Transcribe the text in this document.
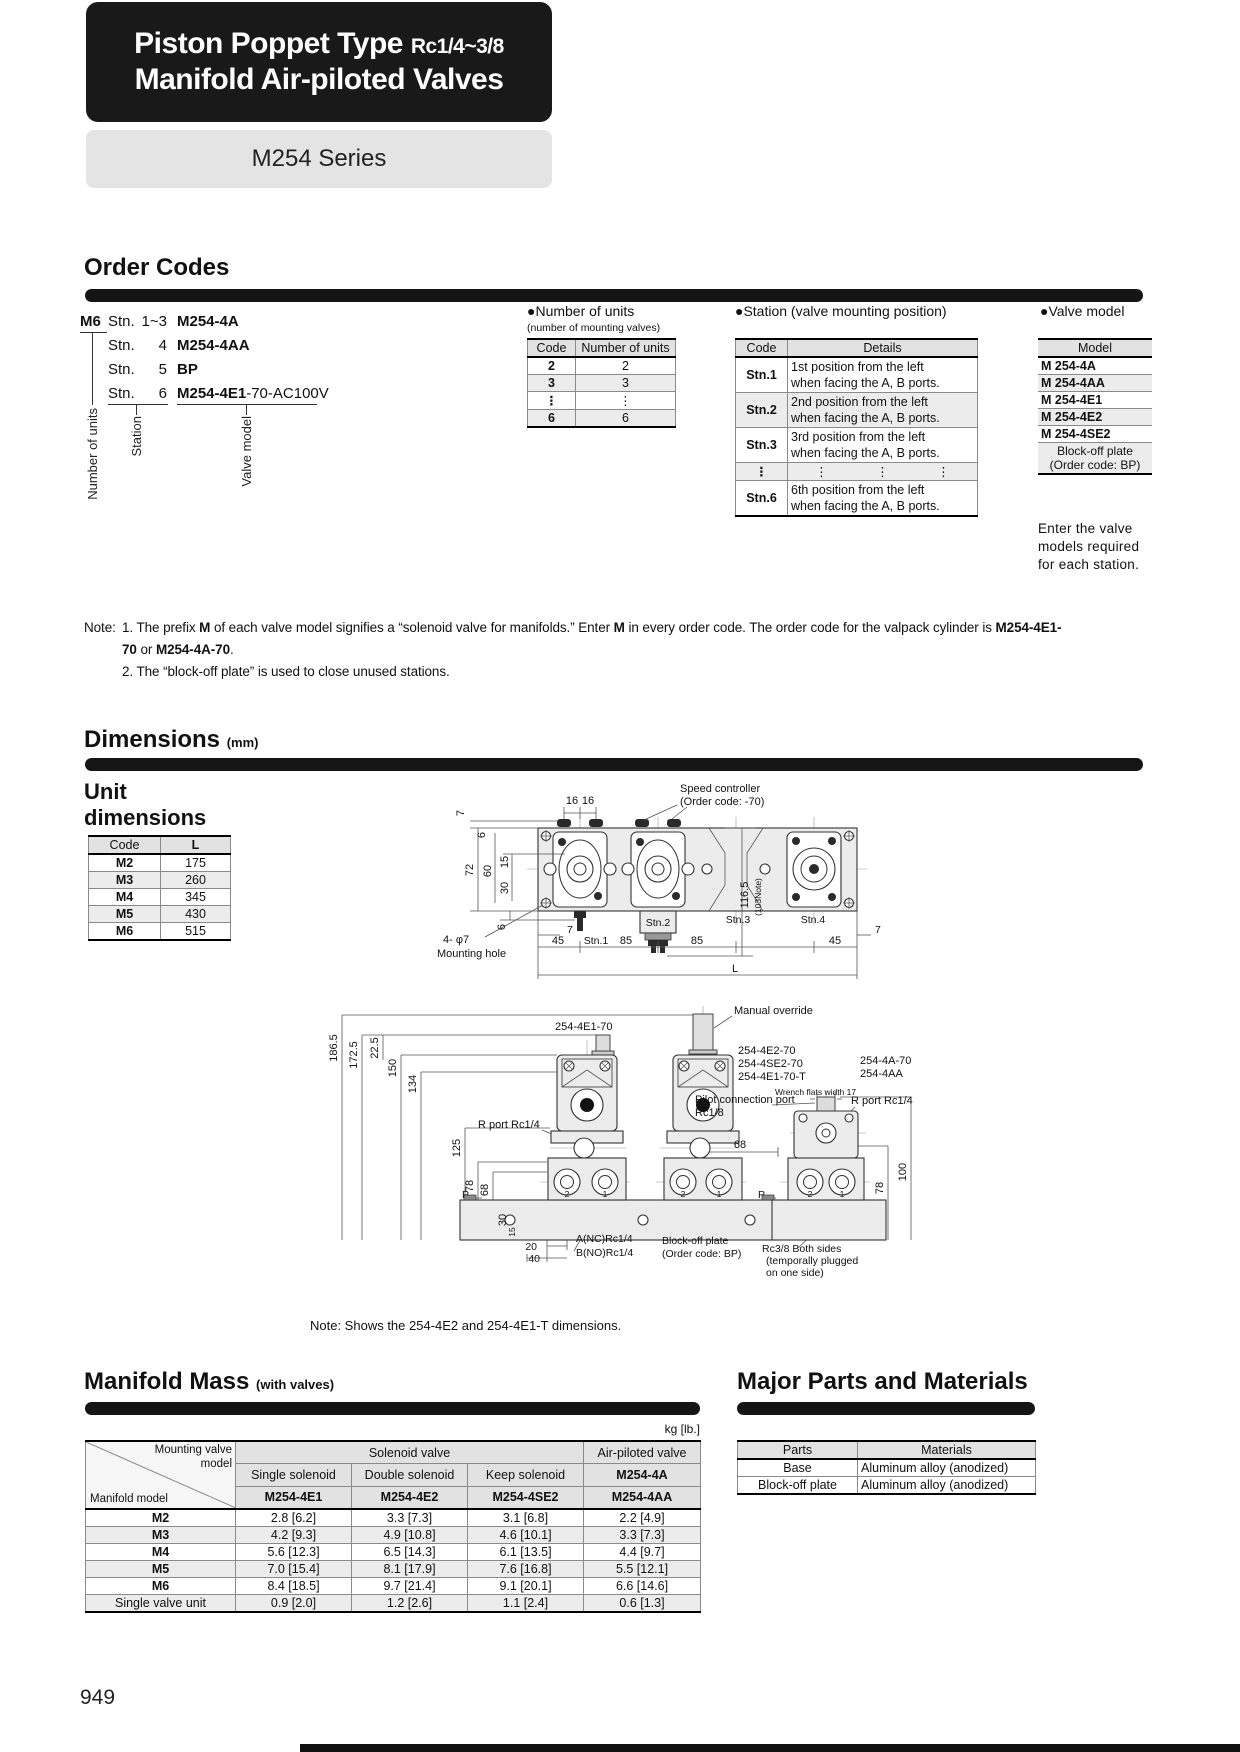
Piston Poppet Type Rc1/4~3/8
Manifold Air-piloted Valves
M254 Series
Order Codes
M6 Stn. 1~3 M254-4A
Stn.	4 M254-4AA
Stn.	5 BP
Stn.	6 M254-4E1-70-AC100V
Number of units Station	Valve model
●Number of units
(number of mounting valves)
Code	Number of units
2	2
3	3
⋮	⋮
6	6
●Station (valve mounting position)
Code	Details
Stn.1	1st position from the left
when facing the A, B ports.

Stn.2	2nd position from the left
when facing the A, B ports.

Stn.3	3rd position from the left
when facing the A, B ports.

⋮	⋮ ⋮ ⋮

Stn.6	6th position from the left
when facing the A, B ports.
●Valve model
Model
M 254-4A
M 254-4AA
M 254-4E1
M 254-4E2
M 254-4SE2

Block-off plate
(Order code: BP)
Enter the valve
models required
for each station.
Note: 1. The prefix M of each valve model signifies a “solenoid valve for manifolds.” Enter M in every order code. The order code for the valpack cylinder is M254-4E1-70 or M254-4A-70.
2. The “block-off plate” is used to close unused stations.
Dimensions (mm)
Unit
dimensions
Code	L
M2	175
M3	260
M4	345
M5	430
M6	515
Speed controller
(Order code: -70)
16 16
7
6
72 60
15
30
6
116.5 (103Note)
4- φ7
Mounting hole
7
45 Stn.1 85
Stn.2
85
Stn.3	Stn.4
7
45
L
254-4E1-70
Manual override
254-4E2-70
254-4SE2-70
254-4E1-70-T
254-4A-70
254-4AA
Pilot connection port
Rc1/8
Wrench flats width 17
R port Rc1/4
R port Rc1/4
186.5 172.5 22.5
150
134
125
78 68
30
15
68
78
100
20
40
A(NC)Rc1/4
B(NO)Rc1/4
Block-off plate
(Order code: BP) Rc3/8 Both sides
(temporally plugged
on one side)
P	P
2	1	2	1	2	1
Note: Shows the 254-4E2 and 254-4E1-T dimensions.
Manifold Mass (with valves)
kg [lb.]
Mounting valve
model
Manifold model	Solenoid valve			Air-piloted valve
	Single solenoid	Double solenoid	Keep solenoid	M254-4A
	M254-4E1	M254-4E2	M254-4SE2	M254-4AA
M2	2.8 [6.2]	3.3 [7.3]	3.1 [6.8]	2.2 [4.9]
M3	4.2 [9.3]	4.9 [10.8]	4.6 [10.1]	3.3 [7.3]
M4	5.6 [12.3]	6.5 [14.3]	6.1 [13.5]	4.4 [9.7]
M5	7.0 [15.4]	8.1 [17.9]	7.6 [16.8]	5.5 [12.1]
M6	8.4 [18.5]	9.7 [21.4]	9.1 [20.1]	6.6 [14.6]
Single valve unit	0.9 [2.0]	1.2 [2.6]	1.1 [2.4]	0.6 [1.3]
Major Parts and Materials
Parts	Materials
Base	Aluminum alloy (anodized)
Block-off plate	Aluminum alloy (anodized)
949
